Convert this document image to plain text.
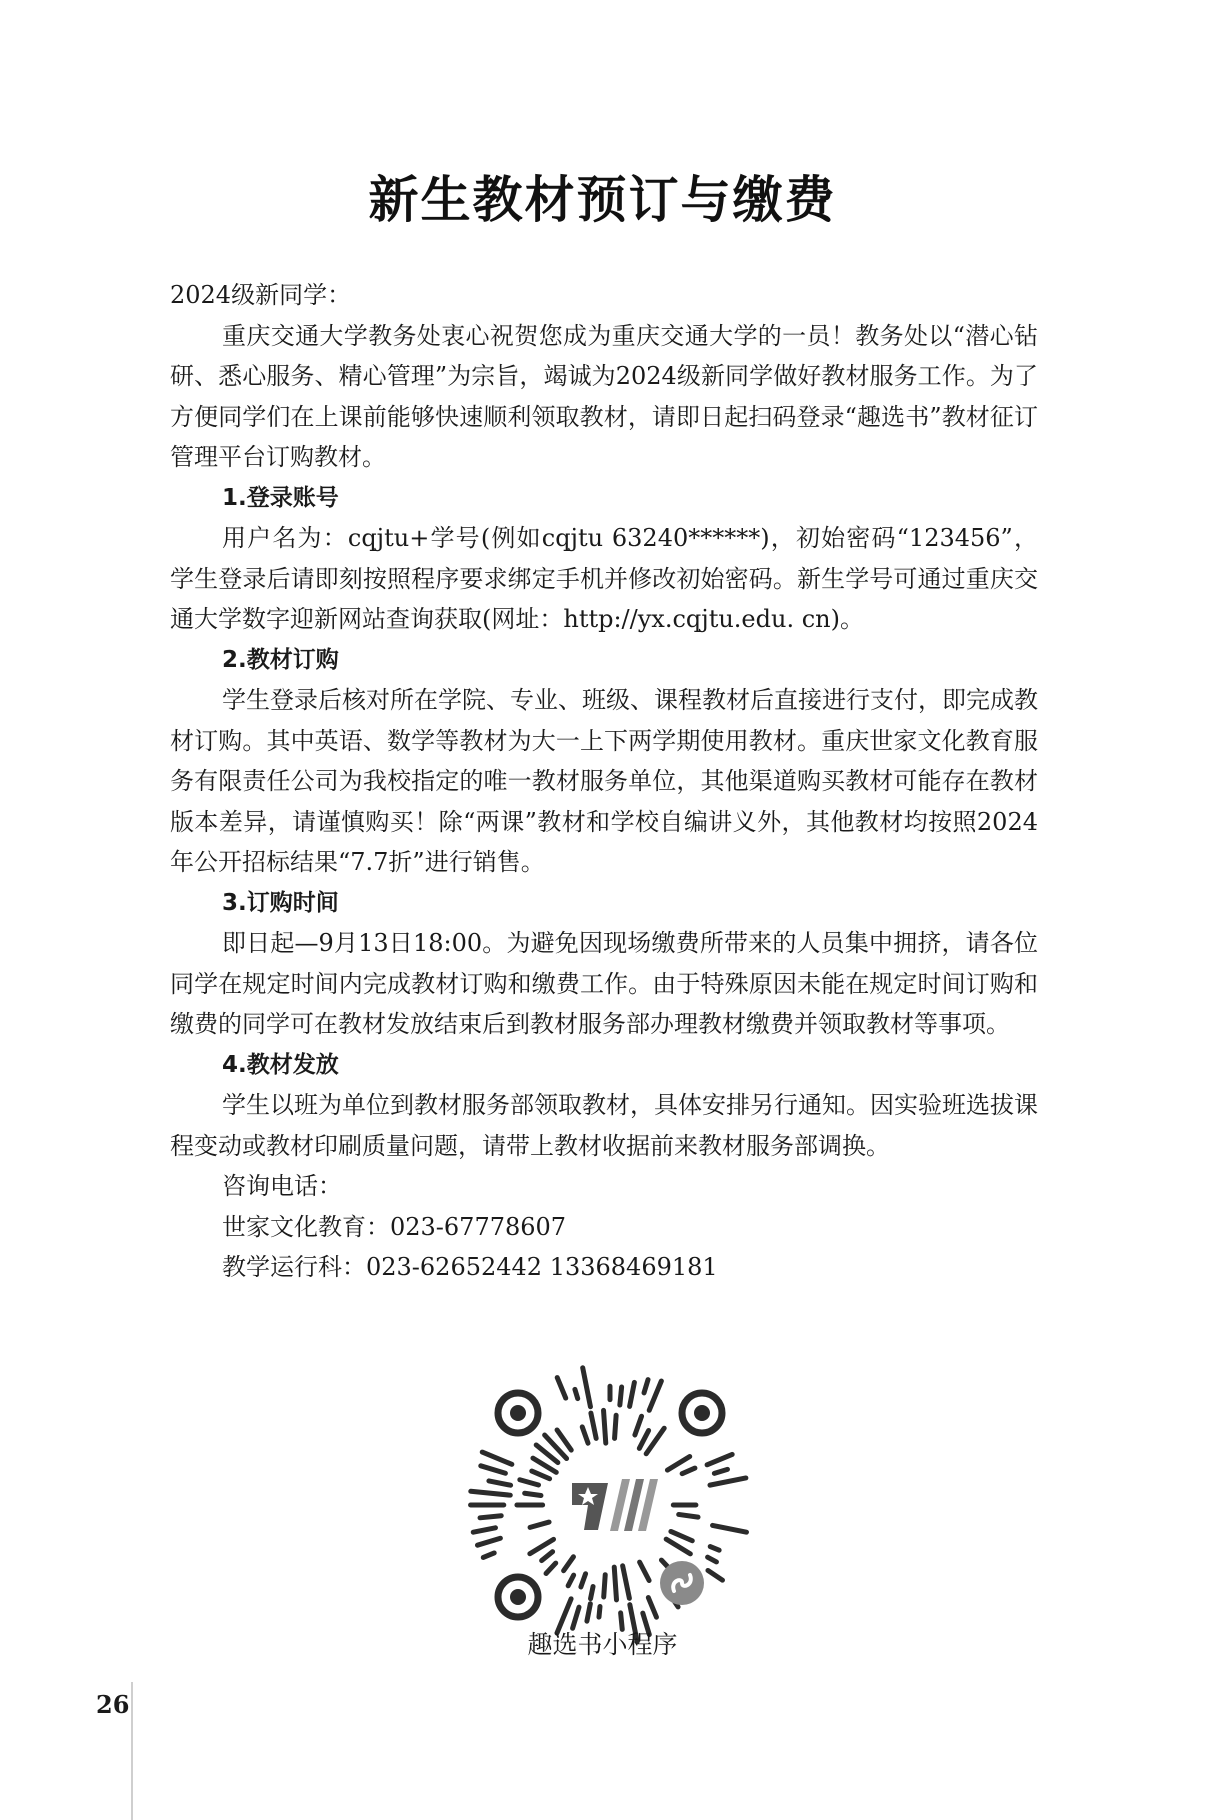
新生教材预订与缴费

2024级新同学：

重庆交通大学教务处衷心祝贺您成为重庆交通大学的一员！教务处以“潜心钻研、悉心服务、精心管理”为宗旨，竭诚为2024级新同学做好教材服务工作。为了方便同学们在上课前能够快速顺利领取教材，请即日起扫码登录“趣选书”教材征订管理平台订购教材。

1.登录账号

用户名为：cqjtu+学号(例如cqjtu 63240******)，初始密码“123456”，学生登录后请即刻按照程序要求绑定手机并修改初始密码。新生学号可通过重庆交通大学数字迎新网站查询获取(网址：http://yx.cqjtu.edu. cn)。

2.教材订购

学生登录后核对所在学院、专业、班级、课程教材后直接进行支付，即完成教材订购。其中英语、数学等教材为大一上下两学期使用教材。重庆世家文化教育服务有限责任公司为我校指定的唯一教材服务单位，其他渠道购买教材可能存在教材版本差异，请谨慎购买！除“两课”教材和学校自编讲义外，其他教材均按照2024年公开招标结果“7.7折”进行销售。

3.订购时间

即日起—9月13日18:00。为避免因现场缴费所带来的人员集中拥挤，请各位同学在规定时间内完成教材订购和缴费工作。由于特殊原因未能在规定时间订购和缴费的同学可在教材发放结束后到教材服务部办理教材缴费并领取教材等事项。

4.教材发放

学生以班为单位到教材服务部领取教材，具体安排另行通知。因实验班选拔课程变动或教材印刷质量问题，请带上教材收据前来教材服务部调换。

咨询电话：

世家文化教育：023-67778607

教学运行科：023-62652442 13368469181

趣选书小程序
26
